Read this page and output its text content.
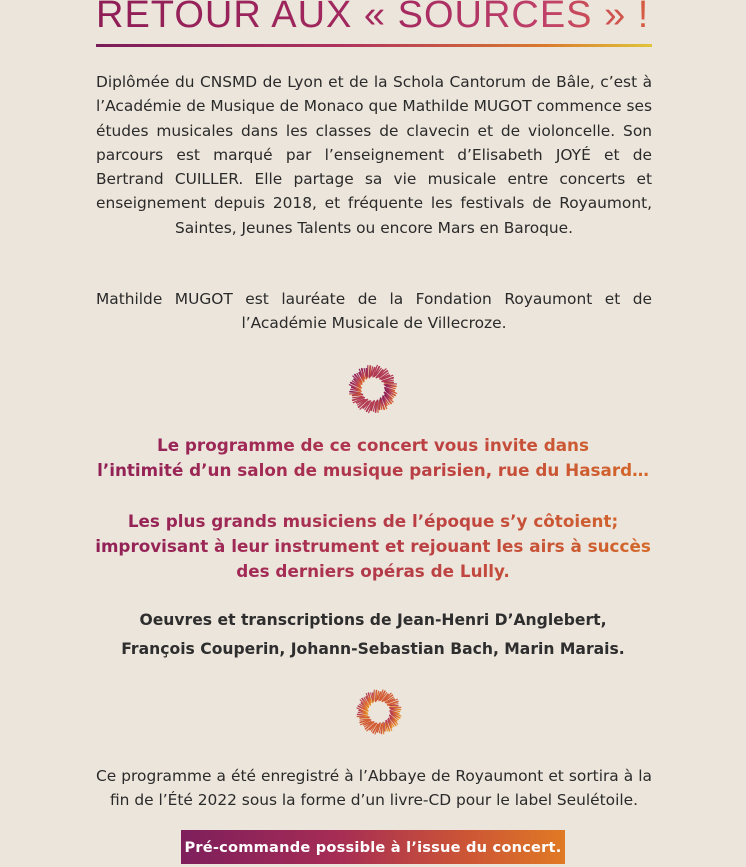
RETOUR AUX « SOURCES » !

Diplômée du CNSMD de Lyon et de la Schola Cantorum de Bâle, c’est à l’Académie de Musique de Monaco que Mathilde MUGOT commence ses études musicales dans les classes de clavecin et de violoncelle. Son parcours est marqué par l’enseignement d’Elisabeth JOYÉ et de Bertrand CUILLER. Elle partage sa vie musicale entre concerts et enseignement depuis 2018, et fréquente les festivals de Royaumont, Saintes, Jeunes Talents ou encore Mars en Baroque.

Mathilde MUGOT est lauréate de la Fondation Royaumont et de l’Académie Musicale de Villecroze.

Le programme de ce concert vous invite dans
l’intimité d’un salon de musique parisien, rue du Hasard…
Les plus grands musiciens de l’époque s’y côtoient;
improvisant à leur instrument et rejouant les airs à succès
des derniers opéras de Lully.
Oeuvres et transcriptions de Jean-Henri D’Anglebert,
François Couperin, Johann-Sebastian Bach, Marin Marais.

Ce programme a été enregistré à l’Abbaye de Royaumont et sortira à la fin de l’Été 2022 sous la forme d’un livre-CD pour le label Seulétoile.

Pré-commande possible à l’issue du concert.
